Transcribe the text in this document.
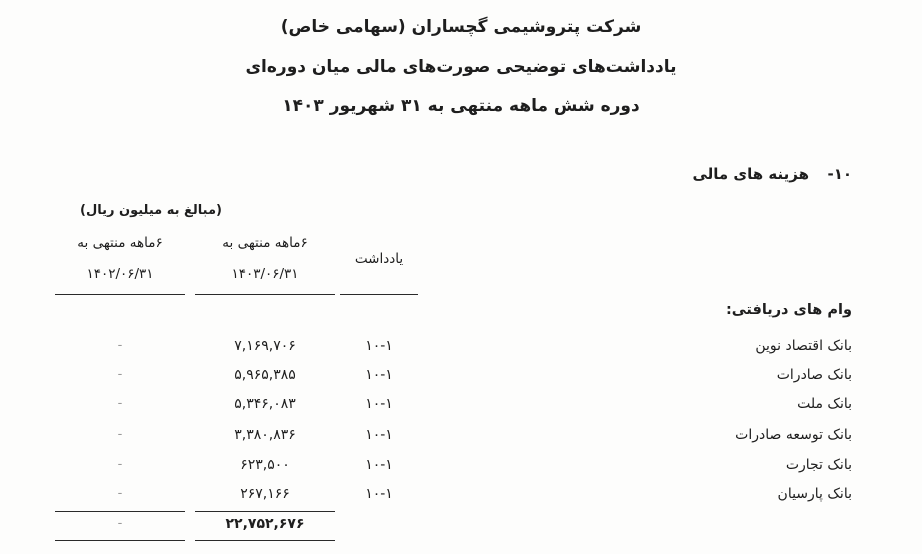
شرکت پتروشیمی گچساران (سهامی خاص)
یادداشت‌های توضیحی صورت‌های مالی میان دوره‌ای
دوره شش ماهه منتهی به ۳۱ شهریور ۱۴۰۳
۱۰-  هزینه های مالی
(مبالغ به میلیون ریال)
۶ماهه منتهی به
۱۴۰۳/۰۶/۳۱
۶ماهه منتهی به
۱۴۰۲/۰۶/۳۱
یادداشت
وام های دریافتی:
بانک اقتصاد نوین
۱۰-۱
۷,۱۶۹,۷۰۶
-
بانک صادرات
۱۰-۱
۵,۹۶۵,۳۸۵
-
بانک ملت
۱۰-۱
۵,۳۴۶,۰۸۳
-
بانک توسعه صادرات
۱۰-۱
۳,۳۸۰,۸۳۶
-
بانک تجارت
۱۰-۱
۶۲۳,۵۰۰
-
بانک پارسیان
۱۰-۱
۲۶۷,۱۶۶
-
۲۲,۷۵۲,۶۷۶
-
